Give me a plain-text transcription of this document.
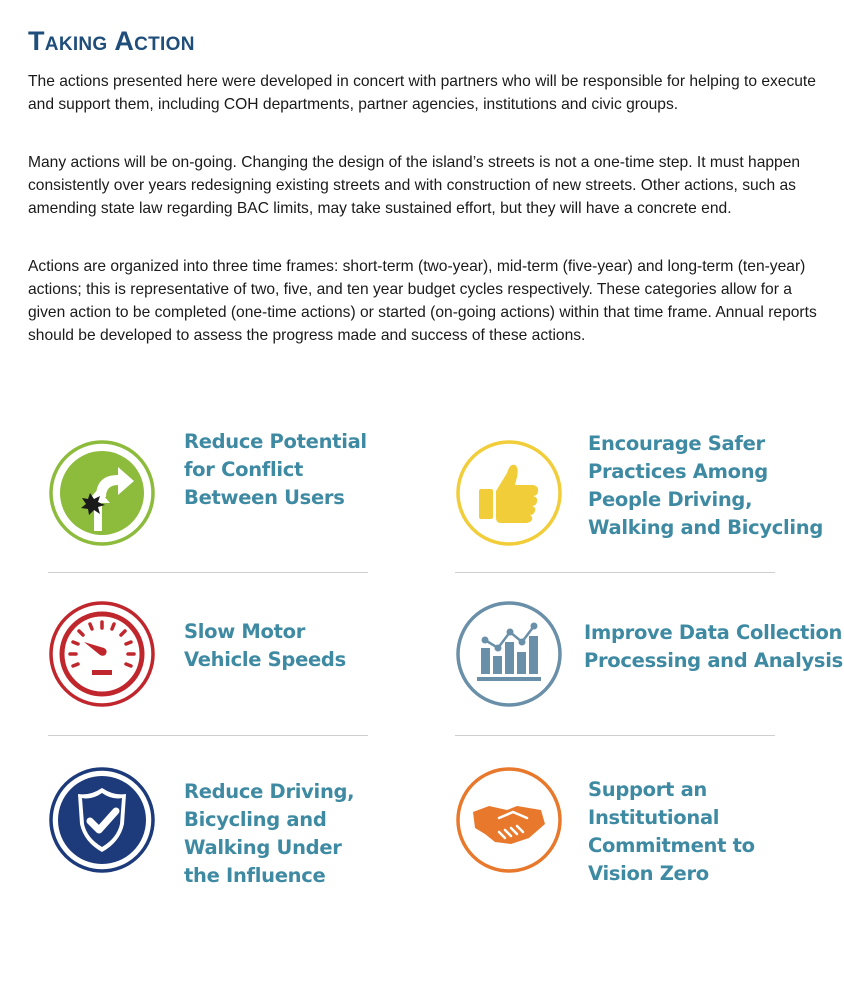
Taking Action

The actions presented here were developed in concert with partners who will be responsible for helping to execute and support them, including COH departments, partner agencies, institutions and civic groups.

Many actions will be on-going. Changing the design of the island’s streets is not a one-time step. It must happen consistently over years redesigning existing streets and with construction of new streets. Other actions, such as amending state law regarding BAC limits, may take sustained effort, but they will have a concrete end.

Actions are organized into three time frames: short-term (two-year), mid-term (five-year) and long-term (ten-year) actions; this is representative of two, five, and ten year budget cycles respectively. These categories allow for a given action to be completed (one-time actions) or started (on-going actions) within that time frame. Annual reports should be developed to assess the progress made and success of these actions.

Reduce Potential
for Conflict
Between Users
Encourage Safer
Practices Among
People Driving,
Walking and Bicycling
Slow Motor
Vehicle Speeds
Improve Data Collection
Processing and Analysis
Reduce Driving,
Bicycling and
Walking Under
the Influence
Support an
Institutional
Commitment to
Vision Zero
